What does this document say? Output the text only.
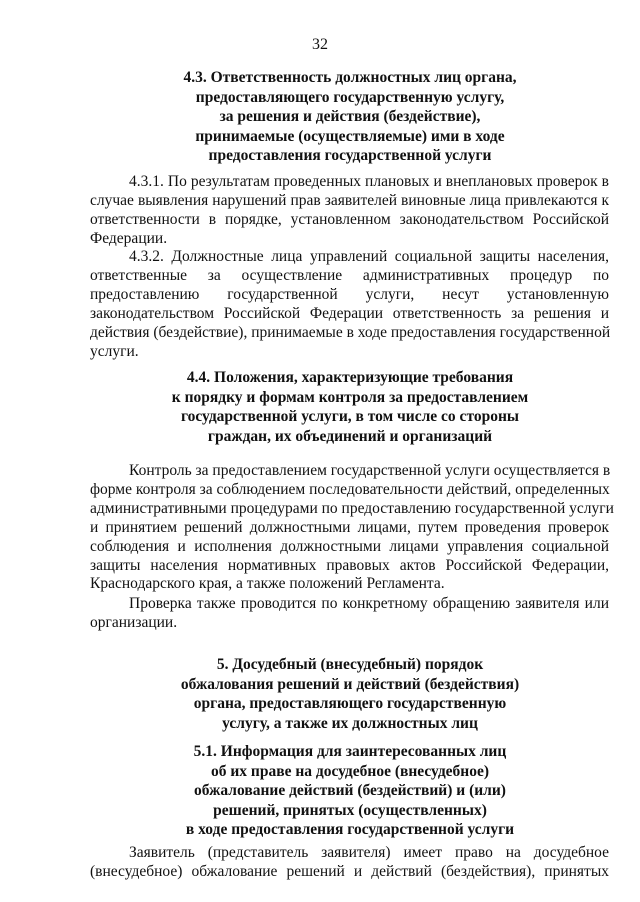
32
4.3. Ответственность должностных лиц органа,
предоставляющего государственную услугу,
за решения и действия (бездействие),
принимаемые (осуществляемые) ими в ходе
предоставления государственной услуги
4.3.1. По результатам проведенных плановых и внеплановых проверок в
случае выявления нарушений прав заявителей виновные лица привлекаются к
ответственности в порядке, установленном законодательством Российской
Федерации.
4.3.2. Должностные лица управлений социальной защиты населения,
ответственные за осуществление административных процедур по
предоставлению государственной услуги, несут установленную
законодательством Российской Федерации ответственность за решения и
действия (бездействие), принимаемые в ходе предоставления государственной
услуги.
4.4. Положения, характеризующие требования
к порядку и формам контроля за предоставлением
государственной услуги, в том числе со стороны
граждан, их объединений и организаций
Контроль за предоставлением государственной услуги осуществляется в
форме контроля за соблюдением последовательности действий, определенных
административными процедурами по предоставлению государственной услуги
и принятием решений должностными лицами, путем проведения проверок
соблюдения и исполнения должностными лицами управления социальной
защиты населения нормативных правовых актов Российской Федерации,
Краснодарского края, а также положений Регламента.
Проверка также проводится по конкретному обращению заявителя или
организации.
5. Досудебный (внесудебный) порядок
обжалования решений и действий (бездействия)
органа, предоставляющего государственную
услугу, а также их должностных лиц
5.1. Информация для заинтересованных лиц
об их праве на досудебное (внесудебное)
обжалование действий (бездействий) и (или)
решений, принятых (осуществленных)
в ходе предоставления государственной услуги
Заявитель (представитель заявителя) имеет право на досудебное
(внесудебное) обжалование решений и действий (бездействия), принятых
